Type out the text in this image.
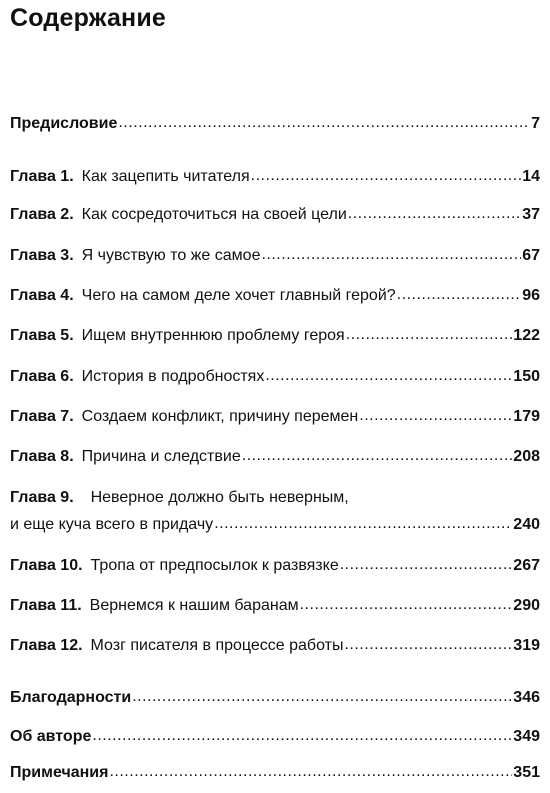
Содержание
Предисловие .....	7
Глава 1. Как зацепить читателя .....	14
Глава 2. Как сосредоточиться на своей цели .....	37
Глава 3. Я чувствую то же самое .....	67
Глава 4. Чего на самом деле хочет главный герой? .....	96
Глава 5. Ищем внутреннюю проблему героя .....	122
Глава 6. История в подробностях .....	150
Глава 7. Создаем конфликт, причину перемен .....	179
Глава 8. Причина и следствие .....	208
Глава 9. Неверное должно быть неверным,
и еще куча всего в придачу .....	240
Глава 10. Тропа от предпосылок к развязке .....	267
Глава 11. Вернемся к нашим баранам .....	290
Глава 12. Мозг писателя в процессе работы .....	319
Благодарности .....	346
Об авторе .....	349
Примечания .....	351
